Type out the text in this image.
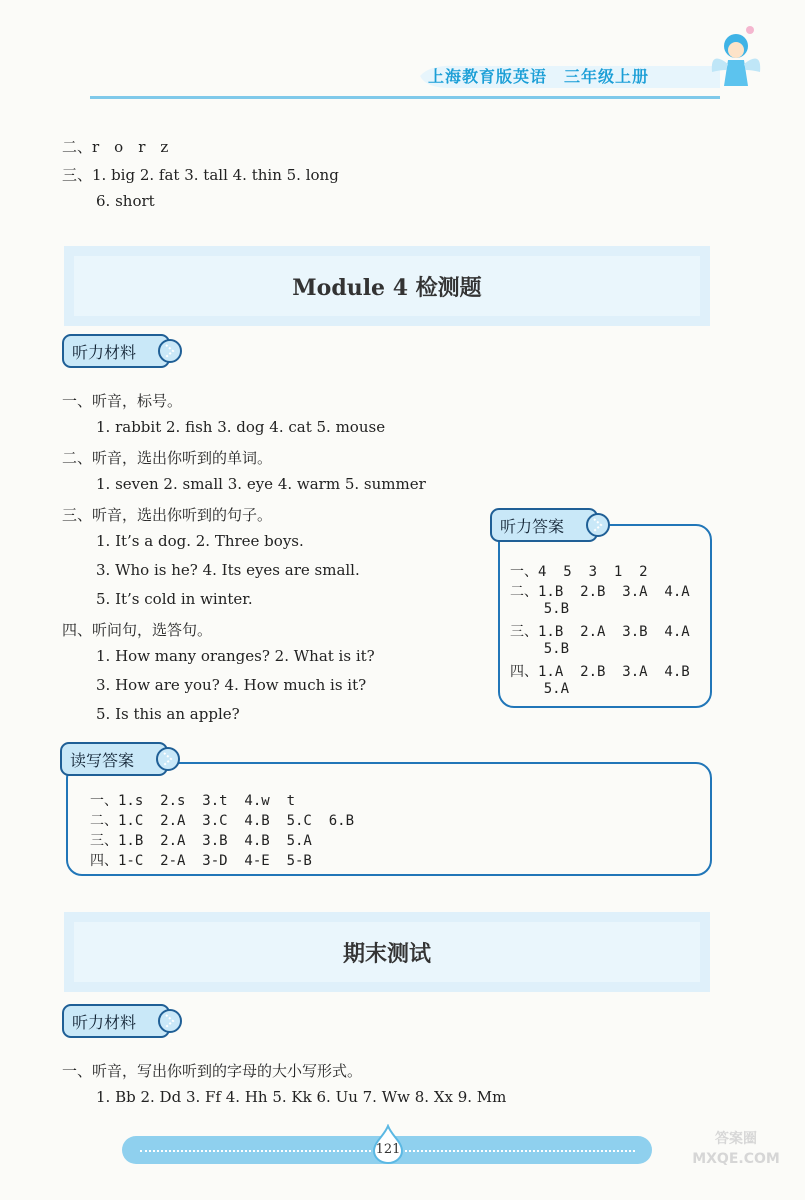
上海教育版英语　三年级上册
二、r　o　r　z
三、1. big 2. fat 3. tall 4. thin 5. long
6. short
Module 4 检测题
听力材料
一、听音，标号。
1. rabbit 2. fish 3. dog 4. cat 5. mouse
二、听音，选出你听到的单词。
1. seven 2. small 3. eye 4. warm 5. summer
三、听音，选出你听到的句子。
1. It’s a dog. 2. Three boys.
3. Who is he? 4. Its eyes are small.
5. It’s cold in winter.
四、听问句，选答句。
1. How many oranges? 2. What is it?
3. How are you? 4. How much is it?
5. Is this an apple?
听力答案
一、4  5  3  1  2
二、1.B  2.B  3.A  4.A
5.B
三、1.B  2.A  3.B  4.A
5.B
四、1.A  2.B  3.A  4.B
5.A
读写答案
一、1.s  2.s  3.t  4.w  t
二、1.C  2.A  3.C  4.B  5.C  6.B
三、1.B  2.A  3.B  4.B  5.A
四、1-C  2-A  3-D  4-E  5-B
期末测试
听力材料
一、听音，写出你听到的字母的大小写形式。
1. Bb 2. Dd 3. Ff 4. Hh 5. Kk 6. Uu 7. Ww 8. Xx 9. Mm
121
答案圈 MXQE.COM
